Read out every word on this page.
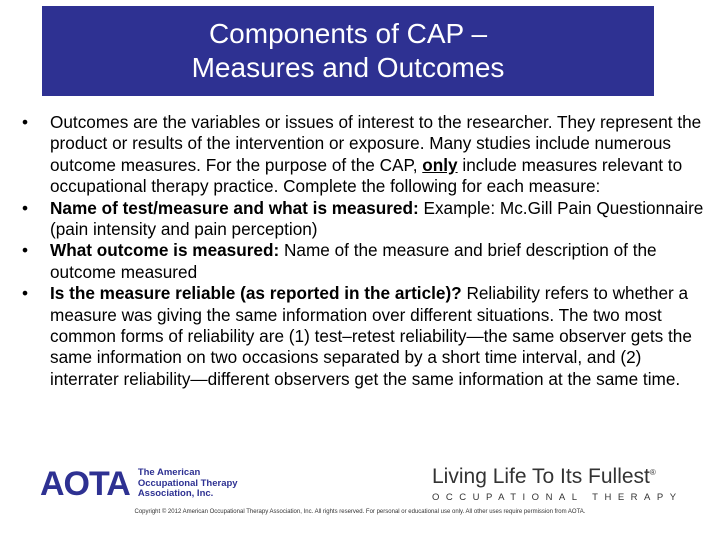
Components of CAP –
Measures and Outcomes
•	Outcomes are the variables or issues of interest to the researcher. They represent the product or results of the intervention or exposure. Many studies include numerous outcome measures. For the purpose of the CAP, only include measures relevant to occupational therapy practice. Complete the following for each measure:
•	Name of test/measure and what is measured: Example: Mc.Gill Pain Questionnaire (pain intensity and pain perception)
•	What outcome is measured: Name of the measure and brief description of the outcome measured
•	Is the measure reliable (as reported in the article)? Reliability refers to whether a measure was giving the same information over different situations. The two most common forms of reliability are (1) test–retest reliability—the same observer gets the same information on two occasions separated by a short time interval, and (2) interrater reliability—different observers get the same information at the same time.
AOTA The American
Occupational Therapy
Association, Inc.
Living Life To Its Fullest®
OCCUPATIONAL THERAPY
Copyright © 2012 American Occupational Therapy Association, Inc. All rights reserved. For personal or educational use only. All other uses require permission from AOTA.
